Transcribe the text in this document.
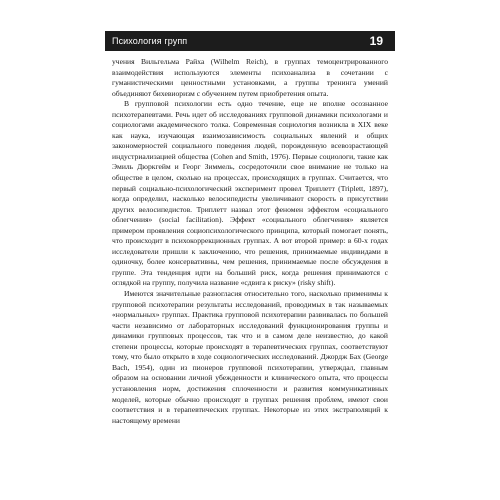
Психология групп	19

учения Вильгельма Райха (Wilhelm Reich), в группах темоцентрированного взаимодействия используются элементы психоанализа в сочетании с гуманистическими ценностными установками, а группы тренинга умений объединяют бихевиоризм с обучением путем приобретения опыта.

В групповой психологии есть одно течение, еще не вполне осознанное психотерапевтами. Речь идет об исследованиях групповой динамики психологами и социологами академического толка. Современная социология возникла в XIX веке как наука, изучающая взаимозависимость социальных явлений и общих закономерностей социального поведения людей, порожденную всевозрастающей индустриализацией общества (Cohen and Smith, 1976). Первые социологи, такие как Эмиль Дюркгейм и Георг Зиммель, сосредоточили свое внимание не только на обществе в целом, сколько на процессах, происходящих в группах. Считается, что первый социально-психологический эксперимент провел Триплетт (Triplett, 1897), когда определил, насколько велосипедисты увеличивают скорость в присутствии других велосипедистов. Триплетт назвал этот феномен эффектом «социального облегчения» (social facilitation). Эффект «социального облегчения» является примером проявления социопсихологического принципа, который помогает понять, что происходит в психокоррекционных группах. А вот второй пример: в 60-х годах исследователи пришли к заключению, что решения, принимаемые индивидами в одиночку, более консервативны, чем решения, принимаемые после обсуждения в группе. Эта тенденция идти на больший риск, когда решения принимаются с оглядкой на группу, получила название «сдвига к риску» (risky shift).

Имеются значительные разногласия относительно того, насколько применимы к групповой психотерапии результаты исследований, проводимых в так называемых «нормальных» группах. Практика групповой психотерапии развивалась по большей части независимо от лабораторных исследований функционирования группы и динамики групповых процессов, так что и в самом деле неизвестно, до какой степени процессы, которые происходят в терапевтических группах, соответствуют тому, что было открыто в ходе социологических исследований. Джордж Бах (George Bach, 1954), один из пионеров групповой психотерапии, утверждал, главным образом на основании личной убежденности и клинического опыта, что процессы установления норм, достижения сплоченности и развития коммуникативных моделей, которые обычно происходят в группах решения проблем, имеют свои соответствия и в терапевтических группах. Некоторые из этих экстраполяций к настоящему времени
